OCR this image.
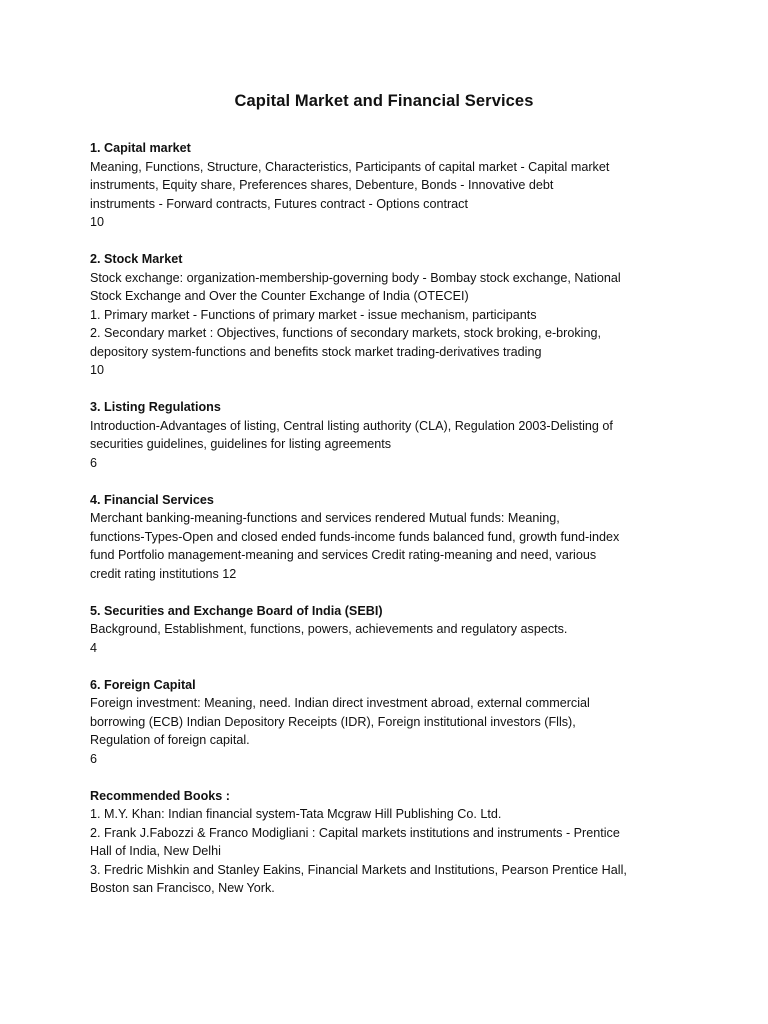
Capital Market and Financial Services
1. Capital market
Meaning, Functions, Structure, Characteristics, Participants of capital market - Capital market
instruments, Equity share, Preferences shares, Debenture, Bonds - Innovative debt
instruments - Forward contracts, Futures contract - Options contract
10
2. Stock Market
Stock exchange: organization-membership-governing body - Bombay stock exchange, National
Stock Exchange and Over the Counter Exchange of India (OTECEI)
1. Primary market - Functions of primary market - issue mechanism, participants
2. Secondary market : Objectives, functions of secondary markets, stock broking, e-broking,
depository system-functions and benefits stock market trading-derivatives trading
10
3. Listing Regulations
Introduction-Advantages of listing, Central listing authority (CLA), Regulation 2003-Delisting of
securities guidelines, guidelines for listing agreements
6
4. Financial Services
Merchant banking-meaning-functions and services rendered Mutual funds: Meaning,
functions-Types-Open and closed ended funds-income funds balanced fund, growth fund-index
fund Portfolio management-meaning and services Credit rating-meaning and need, various
credit rating institutions 12
5. Securities and Exchange Board of India (SEBI)
Background, Establishment, functions, powers, achievements and regulatory aspects.
4
6. Foreign Capital
Foreign investment: Meaning, need. Indian direct investment abroad, external commercial
borrowing (ECB) Indian Depository Receipts (IDR), Foreign institutional investors (Flls),
Regulation of foreign capital.
6
Recommended Books :
1. M.Y. Khan: Indian financial system-Tata Mcgraw Hill Publishing Co. Ltd.
2. Frank J.Fabozzi & Franco Modigliani : Capital markets institutions and instruments - Prentice
Hall of India, New Delhi
3. Fredric Mishkin and Stanley Eakins, Financial Markets and Institutions, Pearson Prentice Hall,
Boston san Francisco, New York.
